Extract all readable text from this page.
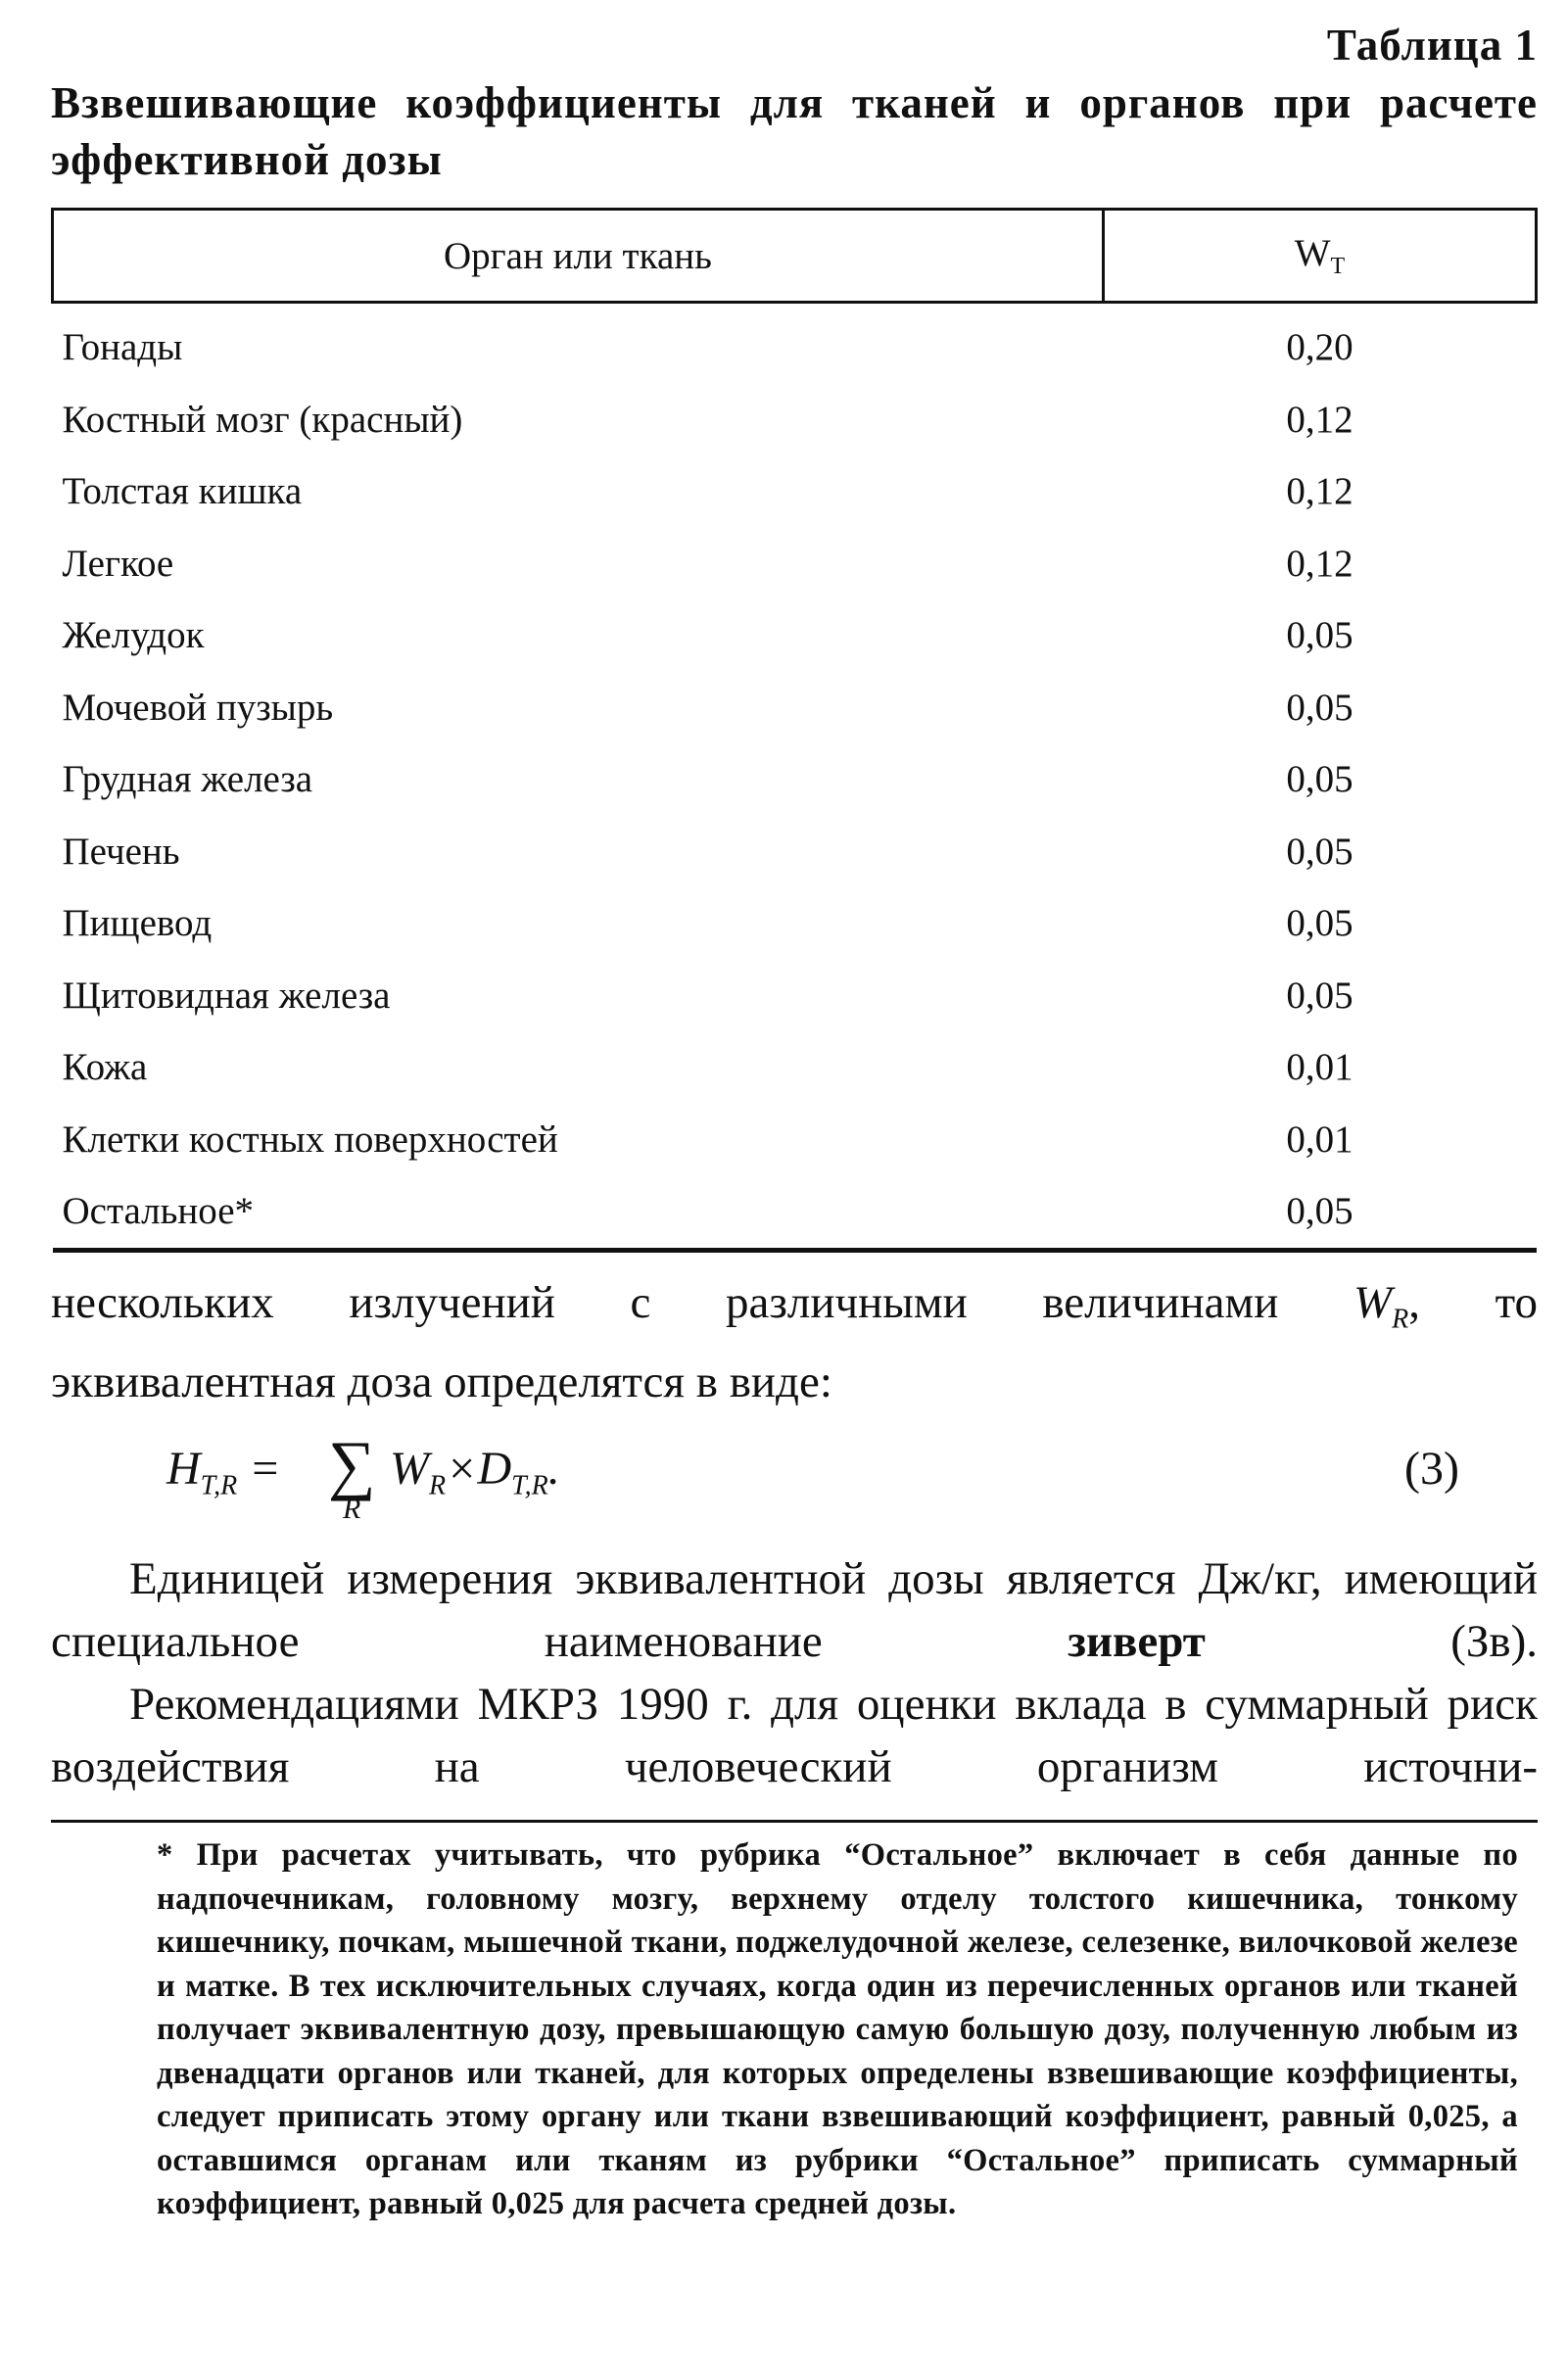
Таблица 1
Взвешивающие коэффициенты для тканей и органов при расчете эффективной дозы
Орган или ткань	$W_T$
Гонады	0,20
Костный мозг (красный)	0,12
Толстая кишка	0,12
Легкое	0,12
Желудок	0,05
Мочевой пузырь	0,05
Грудная железа	0,05
Печень	0,05
Пищевод	0,05
Щитовидная железа	0,05
Кожа	0,01
Клетки костных поверхностей	0,01
Остальное*	0,05
нескольких излучений с различными величинами $W_R$, то
эквивалентная доза определятся в виде:
$H_{T,R}$ = ∑
R
$W_R\times D_{T,R}$.	(3)
Единицей измерения эквивалентной дозы является Дж/кг, имеющий специальное наименование	зиверт	(Зв).
Рекомендациями МКРЗ 1990 г. для оценки вклада в суммарный риск воздействия на человеческий организм источни-
* При расчетах учитывать, что рубрика “Остальное” включает в себя данные по надпочечникам, головному мозгу, верхнему отделу толстого кишечника, тонкому кишечнику, почкам, мышечной ткани, поджелудочной железе, селезенке, вилочковой железе и матке. В тех исключительных случаях, когда один из перечисленных органов или тканей получает эквивалентную дозу, превышающую самую большую дозу, полученную любым из двенадцати органов или тканей, для которых определены взвешивающие коэффициенты, следует приписать этому органу или ткани взвешивающий коэффициент, равный 0,025, а оставшимся органам или тканям из рубрики “Остальное” приписать суммарный коэффициент, равный 0,025 для расчета средней дозы.
